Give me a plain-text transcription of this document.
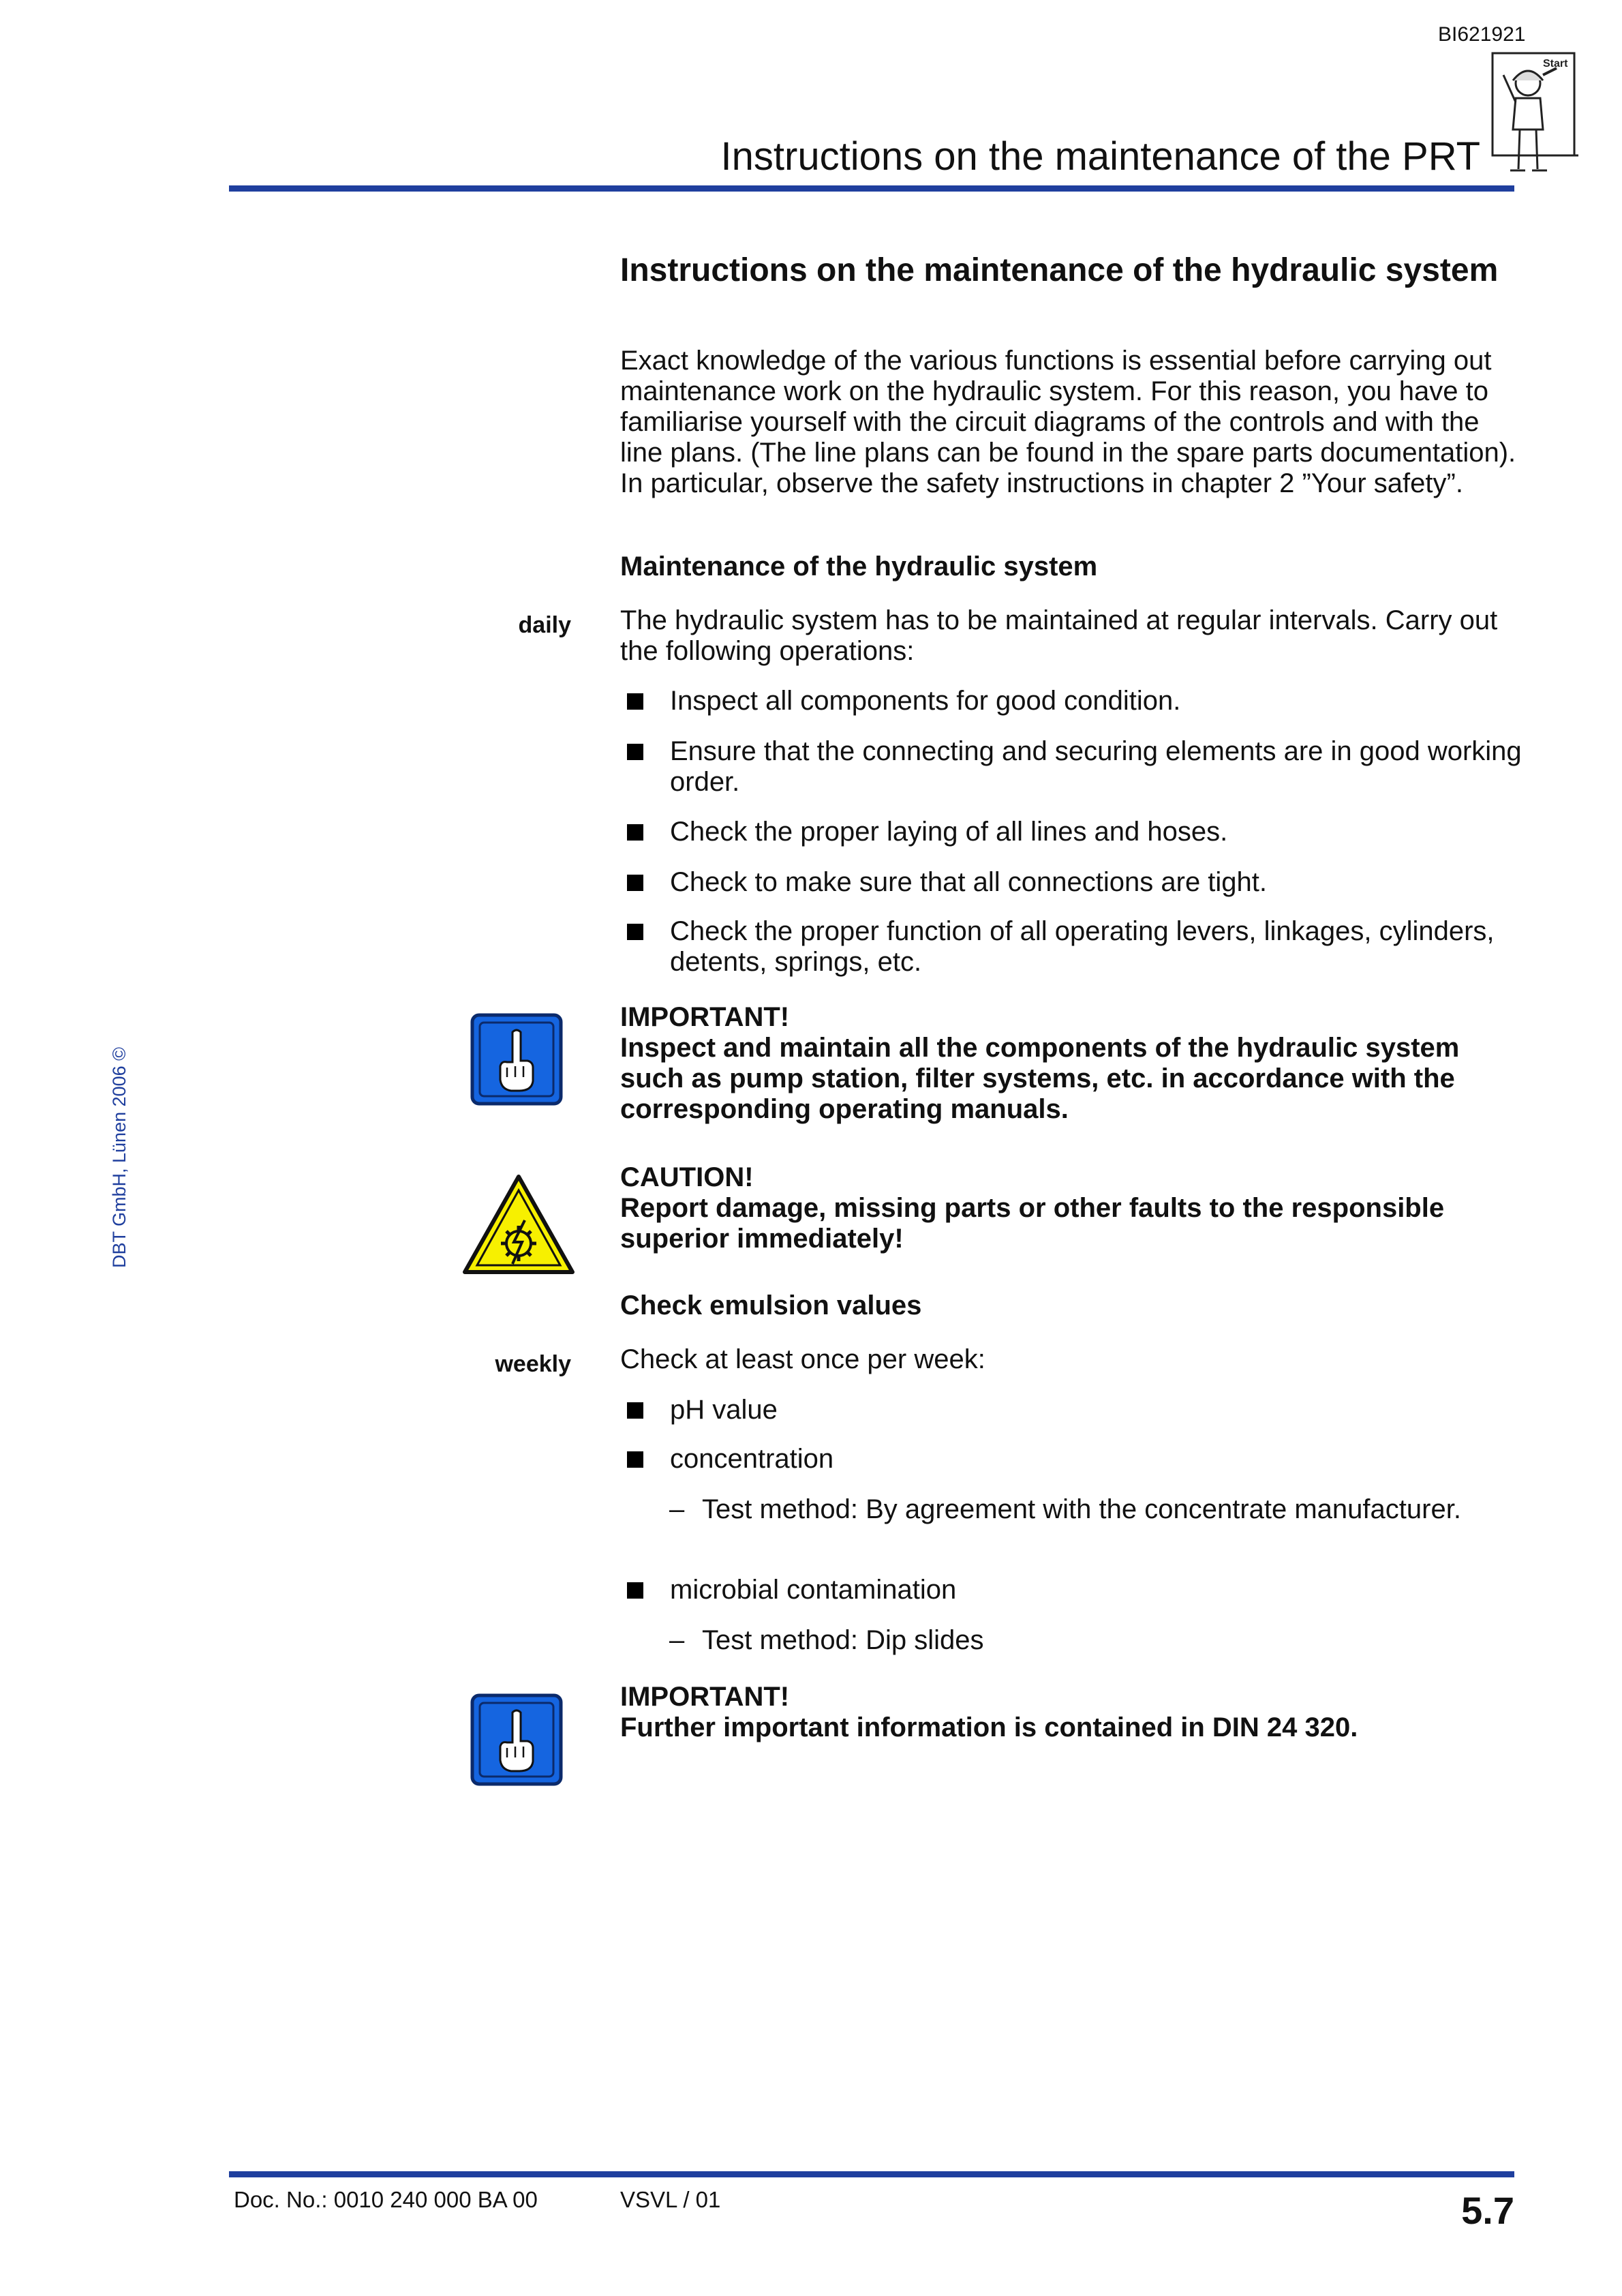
BI621921
Instructions on the maintenance of the PRT
Start
DBT GmbH, Lünen 2006 ©
Instructions on the maintenance of the hydraulic system
Exact knowledge of the various functions is essential before carrying out maintenance work on the hydraulic system. For this reason, you have to familiarise yourself with the circuit diagrams of the controls and with the line plans. (The line plans can be found in the spare parts documentation). In particular, observe the safety instructions in chapter 2 ”Your safety”.
Maintenance of the hydraulic system
daily The hydraulic system has to be maintained at regular intervals. Carry out the following operations:
Inspect all components for good condition.
Ensure that the connecting and securing elements are in good working order.
Check the proper laying of all lines and hoses.
Check to make sure that all connections are tight.
Check the proper function of all operating levers, linkages, cylinders, detents, springs, etc.
IMPORTANT!
Inspect and maintain all the components of the hydraulic system such as pump station, filter systems, etc. in accordance with the corresponding operating manuals.
CAUTION!
Report damage, missing parts or other faults to the responsible superior immediately!
Check emulsion values
weekly Check at least once per week:
pH value
concentration
– Test method: By agreement with the concentrate manufacturer.
microbial contamination
– Test method: Dip slides
IMPORTANT!
Further important information is contained in DIN 24 320.
Doc. No.: 0010 240 000 BA 00	VSVL / 01	5.7
